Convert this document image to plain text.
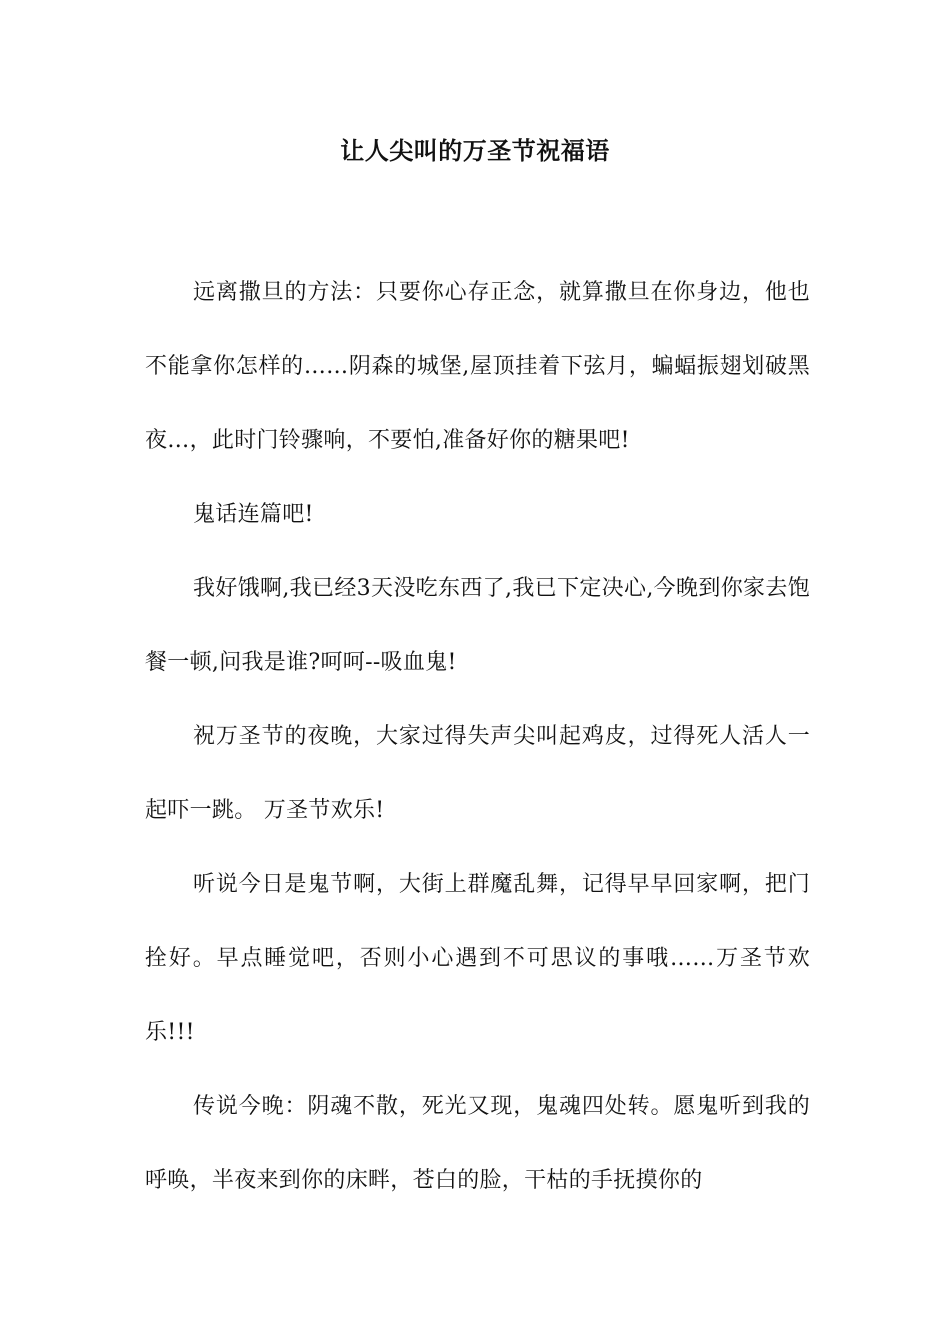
让人尖叫的万圣节祝福语

远离撒旦的方法：只要你心存正念，就算撒旦在你身边，他也不能拿你怎样的……阴森的城堡,屋顶挂着下弦月，蝙蝠振翅划破黑夜…，此时门铃骤响，不要怕,准备好你的糖果吧!

鬼话连篇吧!

我好饿啊,我已经3天没吃东西了,我已下定决心,今晚到你家去饱餐一顿,问我是谁?呵呵--吸血鬼!

祝万圣节的夜晚，大家过得失声尖叫起鸡皮，过得死人活人一起吓一跳。 万圣节欢乐!

听说今日是鬼节啊，大街上群魔乱舞，记得早早回家啊，把门拴好。早点睡觉吧，否则小心遇到不可思议的事哦……万圣节欢乐!!!

传说今晚：阴魂不散，死光又现，鬼魂四处转。愿鬼听到我的呼唤，半夜来到你的床畔，苍白的脸，干枯的手抚摸你的
